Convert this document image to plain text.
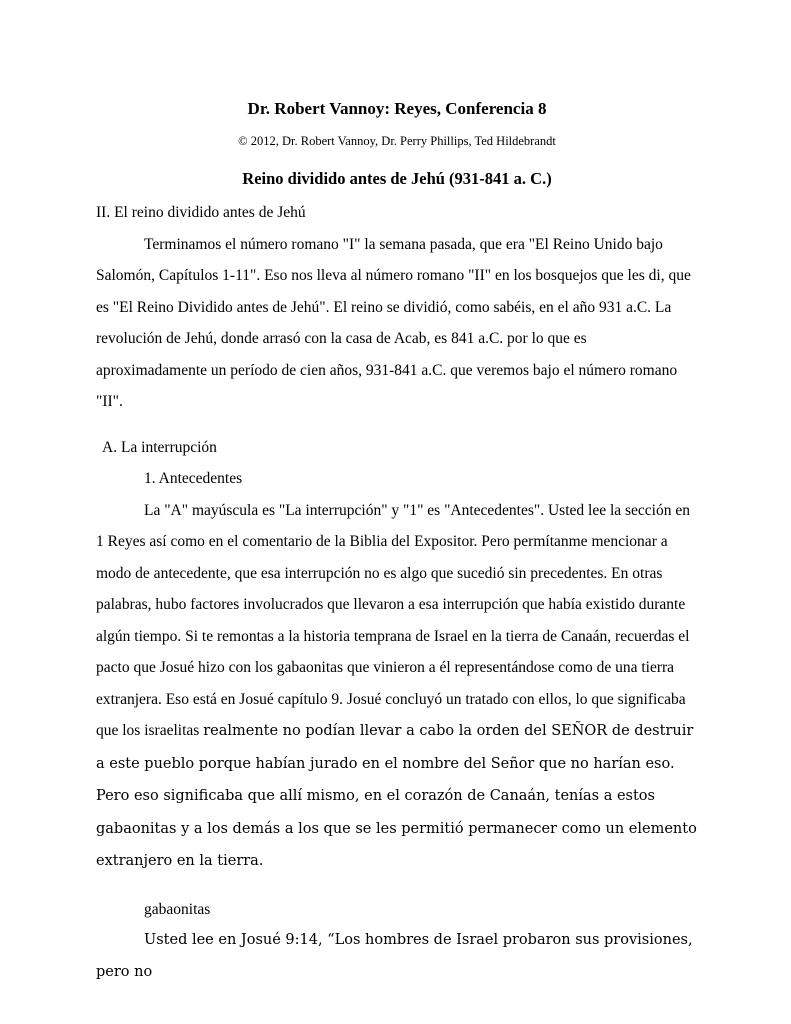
Dr. Robert Vannoy: Reyes, Conferencia 8
© 2012, Dr. Robert Vannoy, Dr. Perry Phillips, Ted Hildebrandt
Reino dividido antes de Jehú (931-841 a. C.)

II. El reino dividido antes de Jehú

Terminamos el número romano "I" la semana pasada, que era "El Reino Unido bajo Salomón, Capítulos 1-11". Eso nos lleva al número romano "II" en los bosquejos que les di, que es "El Reino Dividido antes de Jehú". El reino se dividió, como sabéis, en el año 931 a.C. La revolución de Jehú, donde arrasó con la casa de Acab, es 841 a.C. por lo que es aproximadamente un período de cien años, 931-841 a.C. que veremos bajo el número romano "II".

A. La interrupción

1. Antecedentes

La "A" mayúscula es "La interrupción" y "1" es "Antecedentes". Usted lee la sección en 1 Reyes así como en el comentario de la Biblia del Expositor. Pero permítanme mencionar a modo de antecedente, que esa interrupción no es algo que sucedió sin precedentes. En otras palabras, hubo factores involucrados que llevaron a esa interrupción que había existido durante algún tiempo. Si te remontas a la historia temprana de Israel en la tierra de Canaán, recuerdas el pacto que Josué hizo con los gabaonitas que vinieron a él representándose como de una tierra extranjera. Eso está en Josué capítulo 9. Josué concluyó un tratado con ellos, lo que significaba que los israelitas realmente no podían llevar a cabo la orden del SEÑOR de destruir a este pueblo porque habían jurado en el nombre del Señor que no harían eso. Pero eso significaba que allí mismo, en el corazón de Canaán, tenías a estos gabaonitas y a los demás a los que se les permitió permanecer como un elemento extranjero en la tierra.

gabaonitas

Usted lee en Josué 9:14, “Los hombres de Israel probaron sus provisiones, pero no
